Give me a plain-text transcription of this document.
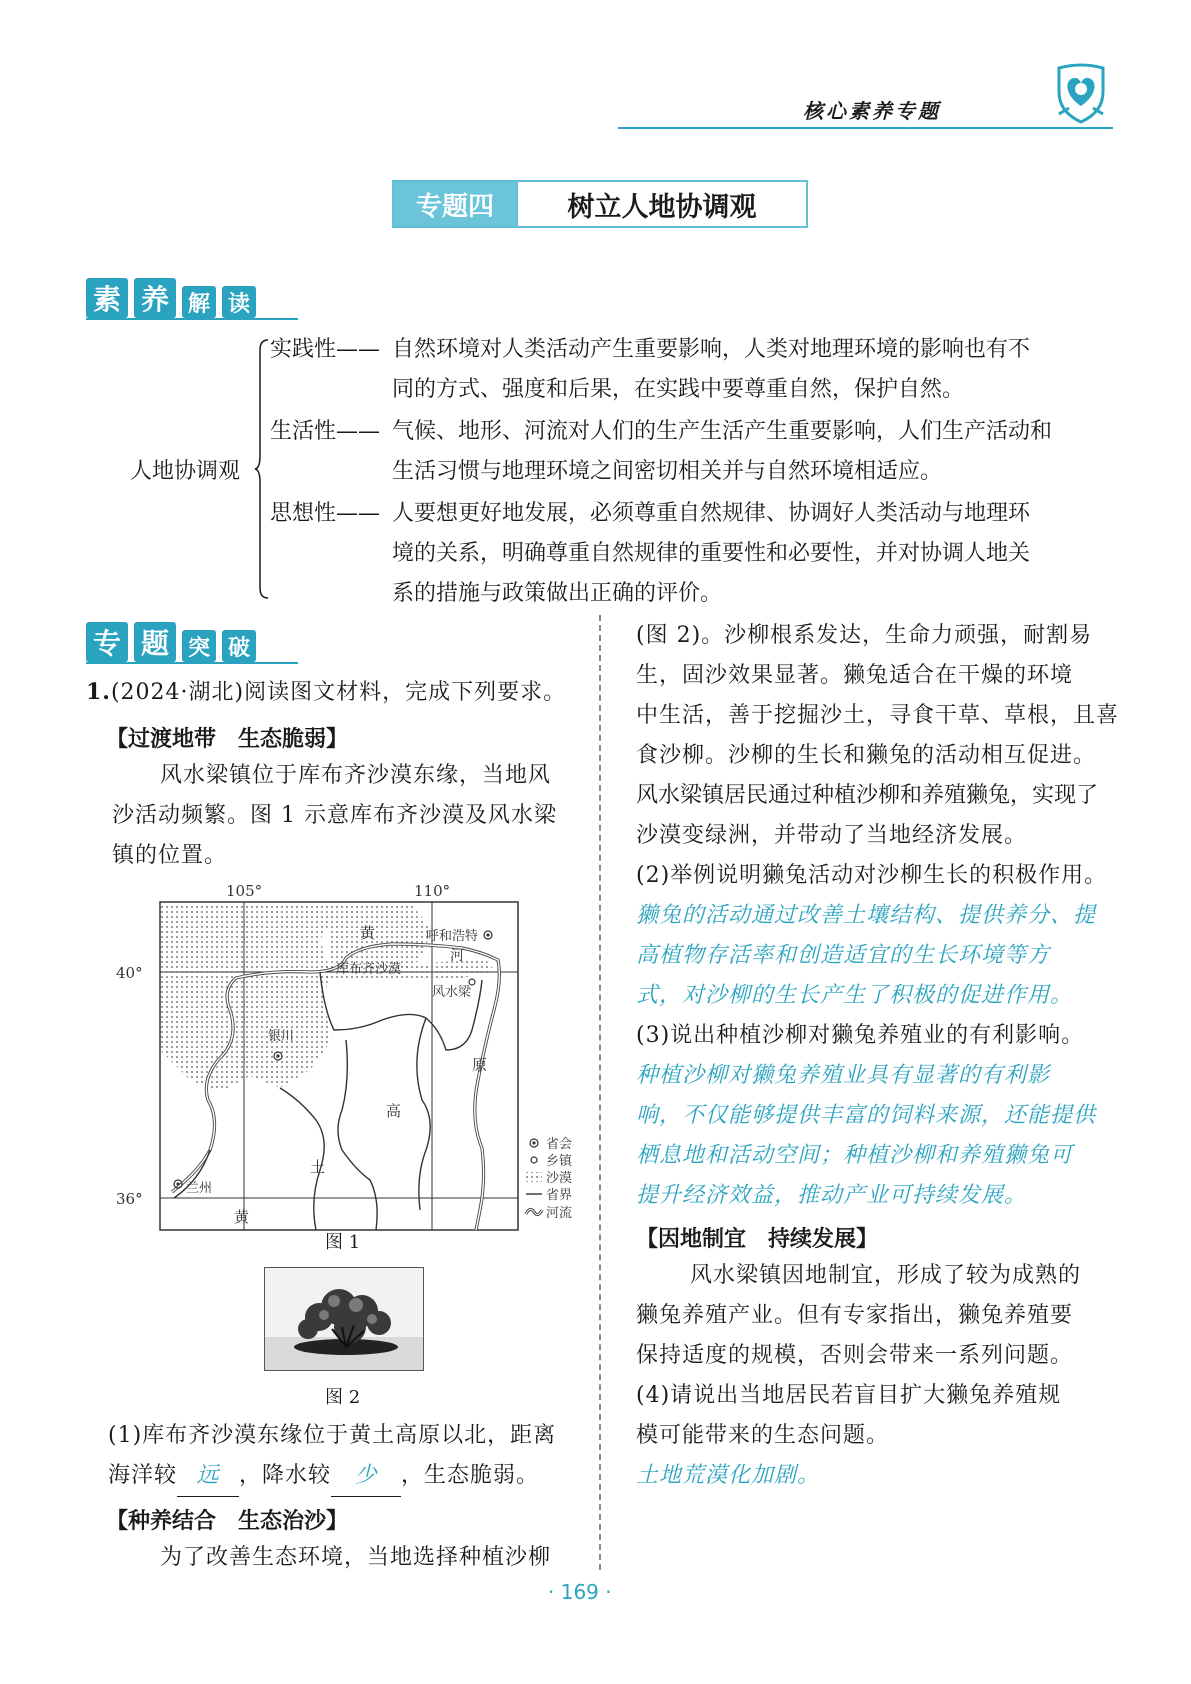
核心素养专题
专题四	树立人地协调观
素 养 解 读
人地协调观
实践性—— 自然环境对人类活动产生重要影响，人类对地理环境的影响也有不
同的方式、强度和后果，在实践中要尊重自然，保护自然。
生活性—— 气候、地形、河流对人们的生产生活产生重要影响，人们生产活动和
生活习惯与地理环境之间密切相关并与自然环境相适应。
思想性—— 人要想更好地发展，必须尊重自然规律、协调好人类活动与地理环
境的关系，明确尊重自然规律的重要性和必要性，并对协调人地关
系的措施与政策做出正确的评价。
专 题 突 破
1.(2024·湖北)阅读图文材料，完成下列要求。
【过渡地带　生态脆弱】
风水梁镇位于库布齐沙漠东缘，当地风
沙活动频繁。图 1 示意库布齐沙漠及风水梁
镇的位置。
105°	110°
40°
36°
黄	呼和浩特
河
库布齐沙漠
风水梁
银川
高
土
原
黄
兰州
省会
乡镇
沙漠
省界
河流
图 1
图 2
(1)库布齐沙漠东缘位于黄土高原以北，距离
海洋较 远 ，降水较 少 ，生态脆弱。
【种养结合　生态治沙】
为了改善生态环境，当地选择种植沙柳
(图 2)。沙柳根系发达，生命力顽强，耐割易
生，固沙效果显著。獭兔适合在干燥的环境
中生活，善于挖掘沙土，寻食干草、草根，且喜
食沙柳。沙柳的生长和獭兔的活动相互促进。
风水梁镇居民通过种植沙柳和养殖獭兔，实现了
沙漠变绿洲，并带动了当地经济发展。
(2)举例说明獭兔活动对沙柳生长的积极作用。
獭兔的活动通过改善土壤结构、提供养分、提
高植物存活率和创造适宜的生长环境等方
式，对沙柳的生长产生了积极的促进作用。
(3)说出种植沙柳对獭兔养殖业的有利影响。
种植沙柳对獭兔养殖业具有显著的有利影
响，不仅能够提供丰富的饲料来源，还能提供
栖息地和活动空间；种植沙柳和养殖獭兔可
提升经济效益，推动产业可持续发展。
【因地制宜　持续发展】
风水梁镇因地制宜，形成了较为成熟的
獭兔养殖产业。但有专家指出，獭兔养殖要
保持适度的规模，否则会带来一系列问题。
(4)请说出当地居民若盲目扩大獭兔养殖规
模可能带来的生态问题。
土地荒漠化加剧。
· 169 ·
